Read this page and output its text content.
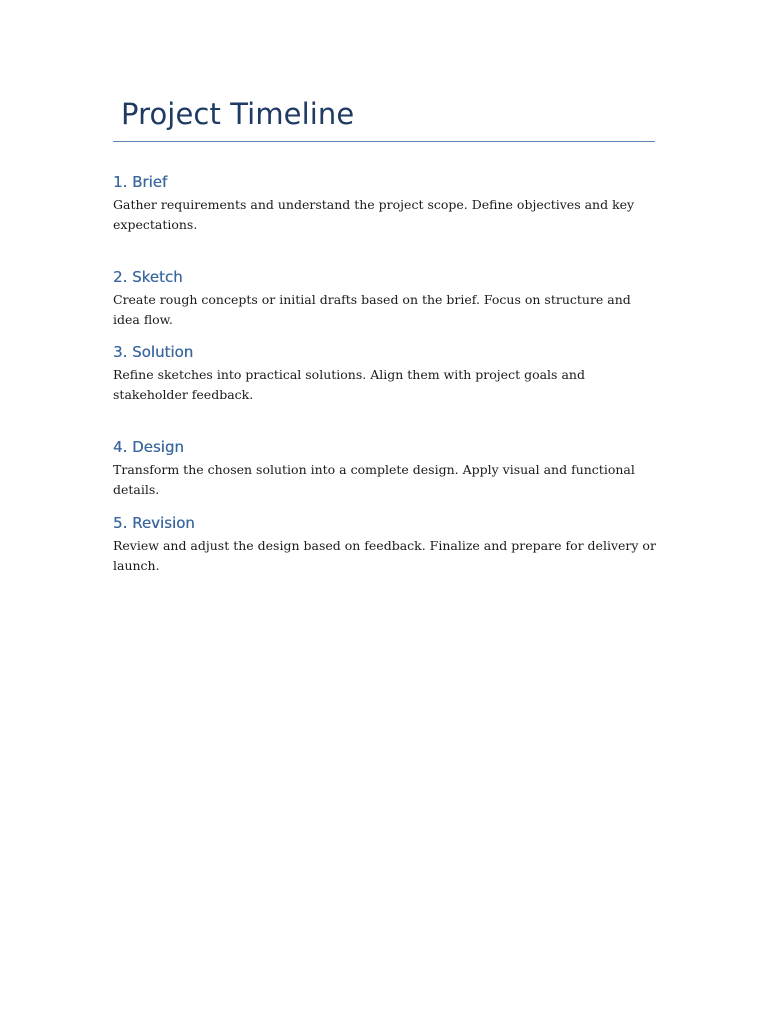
Project Timeline
1. Brief

Gather requirements and understand the project scope. Define objectives and key expectations.

2. Sketch

Create rough concepts or initial drafts based on the brief. Focus on structure and idea flow.

3. Solution

Refine sketches into practical solutions. Align them with project goals and stakeholder feedback.

4. Design

Transform the chosen solution into a complete design. Apply visual and functional details.

5. Revision

Review and adjust the design based on feedback. Finalize and prepare for delivery or launch.
